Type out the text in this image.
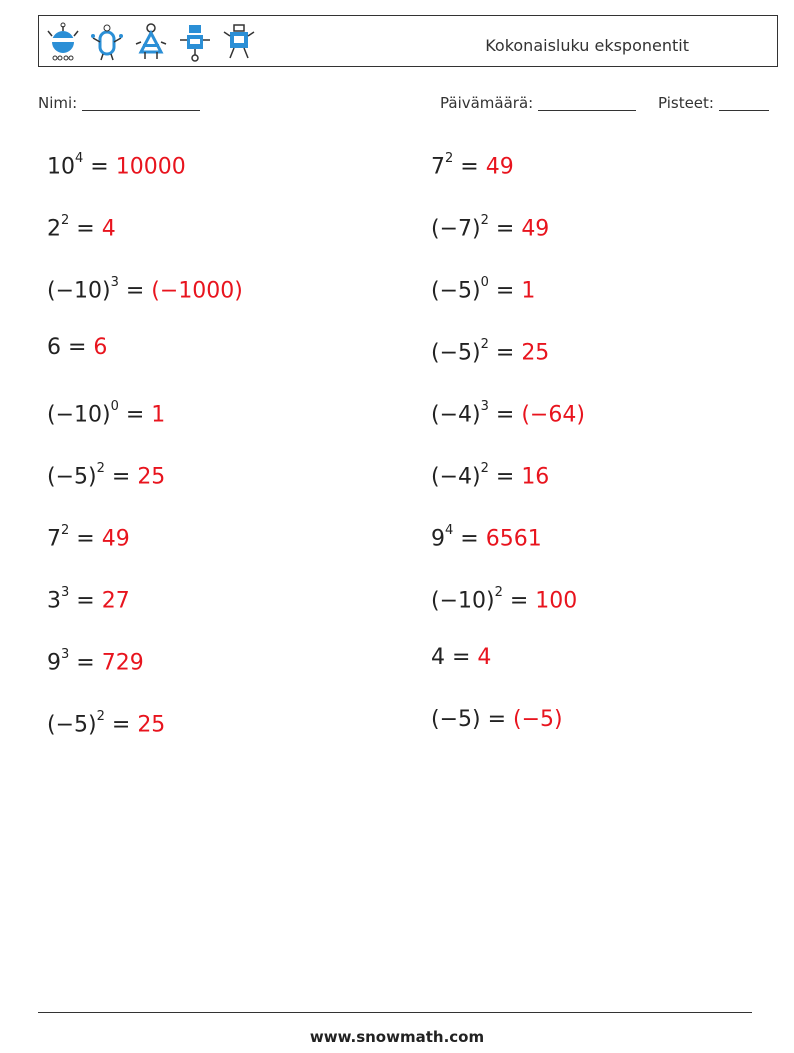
Kokonaisluku eksponentit
Nimi:	Päivämäärä:	Pisteet:
$10^4 = 10000$
$2^2 = 4$
$(-10)^3 = (-1000)$
6 = 6
$(-10)^0 = 1$
$(-5)^2 = 25$
$7^2 = 49$
$3^3 = 27$
$9^3 = 729$
$(-5)^2 = 25$
$7^2 = 49$
$(-7)^2 = 49$
$(-5)^0 = 1$
$(-5)^2 = 25$
$(-4)^3 = (-64)$
$(-4)^2 = 16$
$9^4 = 6561$
$(-10)^2 = 100$
4 = 4
(−5) = (−5)
www.snowmath.com
